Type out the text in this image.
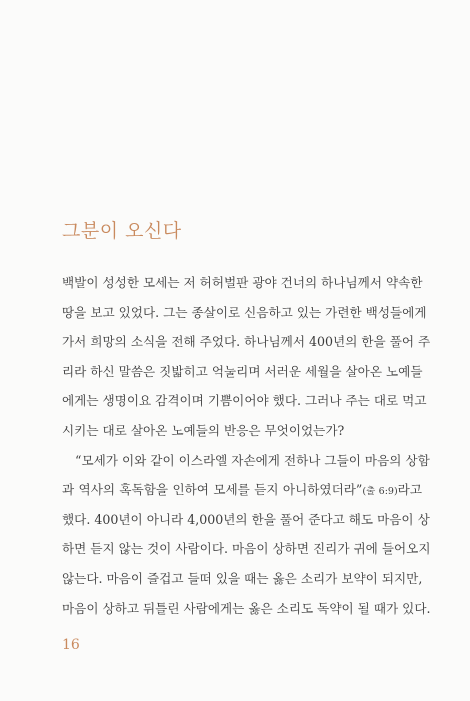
그분이 오신다
백발이 성성한 모세는 저 허허벌판 광야 건너의 하나님께서 약속한
땅을 보고 있었다. 그는 종살이로 신음하고 있는 가련한 백성들에게
가서 희망의 소식을 전해 주었다. 하나님께서 400년의 한을 풀어 주
리라 하신 말씀은 짓밟히고 억눌리며 서러운 세월을 살아온 노예들
에게는 생명이요 감격이며 기쁨이어야 했다. 그러나 주는 대로 먹고
시키는 대로 살아온 노예들의 반응은 무엇이었는가?
“모세가 이와 같이 이스라엘 자손에게 전하나 그들이 마음의 상함
과 역사의 혹독함을 인하여 모세를 듣지 아니하였더라”(출 6:9)라고
했다. 400년이 아니라 4,000년의 한을 풀어 준다고 해도 마음이 상
하면 듣지 않는 것이 사람이다. 마음이 상하면 진리가 귀에 들어오지
않는다. 마음이 즐겁고 들떠 있을 때는 옳은 소리가 보약이 되지만,
마음이 상하고 뒤틀린 사람에게는 옳은 소리도 독약이 될 때가 있다.

16
